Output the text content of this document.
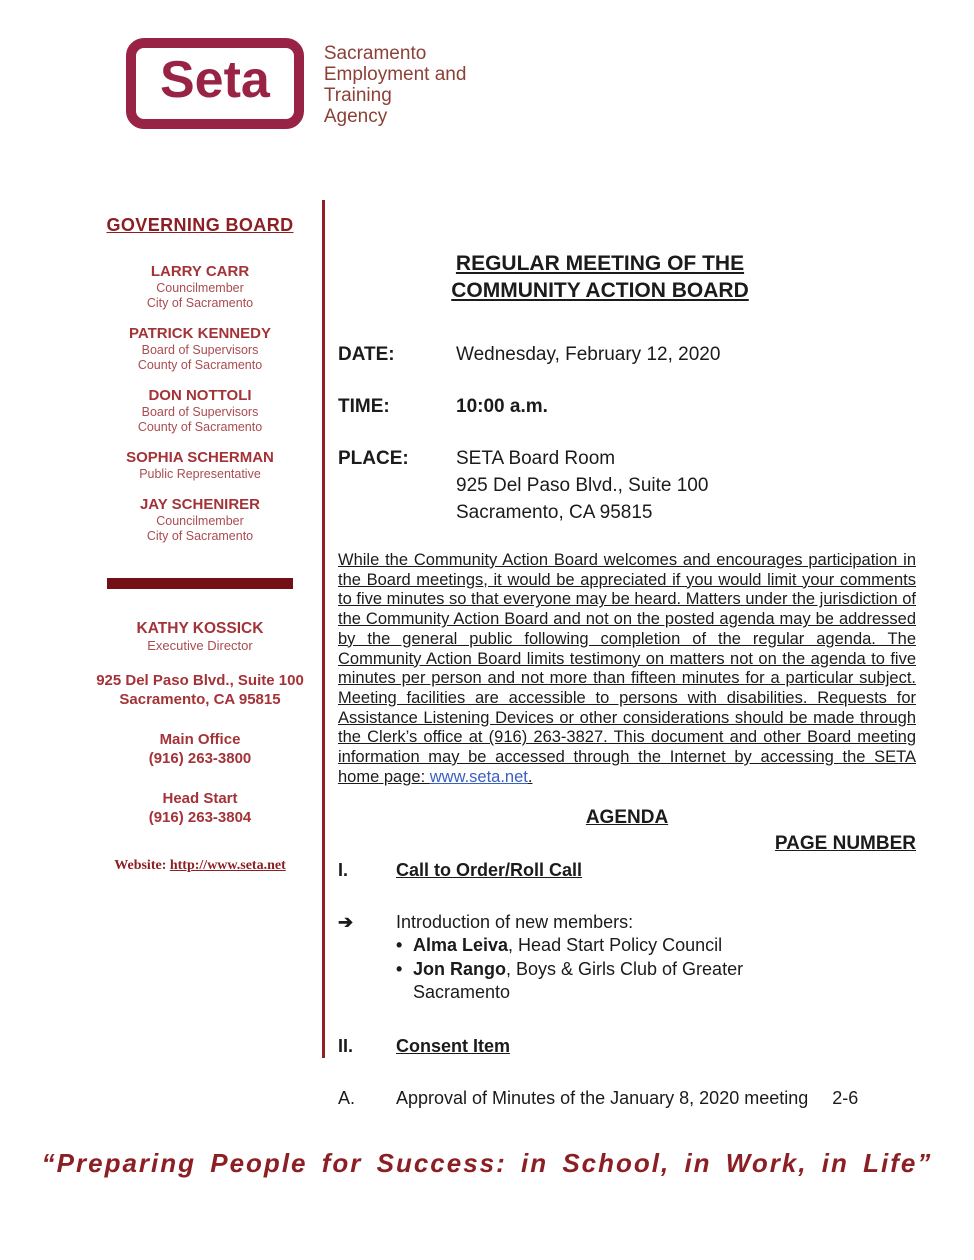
Seta	Sacramento
Employment and
Training
Agency
GOVERNING BOARD
LARRY CARR
Councilmember
City of Sacramento
PATRICK KENNEDY
Board of Supervisors
County of Sacramento
DON NOTTOLI
Board of Supervisors
County of Sacramento
SOPHIA SCHERMAN
Public Representative
JAY SCHENIRER
Councilmember
City of Sacramento
KATHY KOSSICK
Executive Director
925 Del Paso Blvd., Suite 100
Sacramento, CA 95815
Main Office
(916) 263-3800
Head Start
(916) 263-3804
Website: http://www.seta.net
REGULAR MEETING OF THE
COMMUNITY ACTION BOARD
DATE:	Wednesday, February 12, 2020
TIME:	10:00 a.m.
PLACE:	SETA Board Room
925 Del Paso Blvd., Suite 100
Sacramento, CA 95815

While the Community Action Board welcomes and encourages participation in the Board meetings, it would be appreciated if you would limit your comments to five minutes so that everyone may be heard. Matters under the jurisdiction of the Community Action Board and not on the posted agenda may be addressed by the general public following completion of the regular agenda. The Community Action Board limits testimony on matters not on the agenda to five minutes per person and not more than fifteen minutes for a particular subject. Meeting facilities are accessible to persons with disabilities. Requests for Assistance Listening Devices or other considerations should be made through the Clerk’s office at (916) 263-3827. This document and other Board meeting information may be accessed through the Internet by accessing the SETA home page: www.seta.net.

AGENDA
PAGE NUMBER
I.	Call to Order/Roll Call
➔	Introduction of new members:
• Alma Leiva, Head Start Policy Council
• Jon Rango, Boys & Girls Club of Greater Sacramento
II.	Consent Item
A.	Approval of Minutes of the January 8, 2020 meeting 2-6
“Preparing People for Success: in School, in Work, in Life”
